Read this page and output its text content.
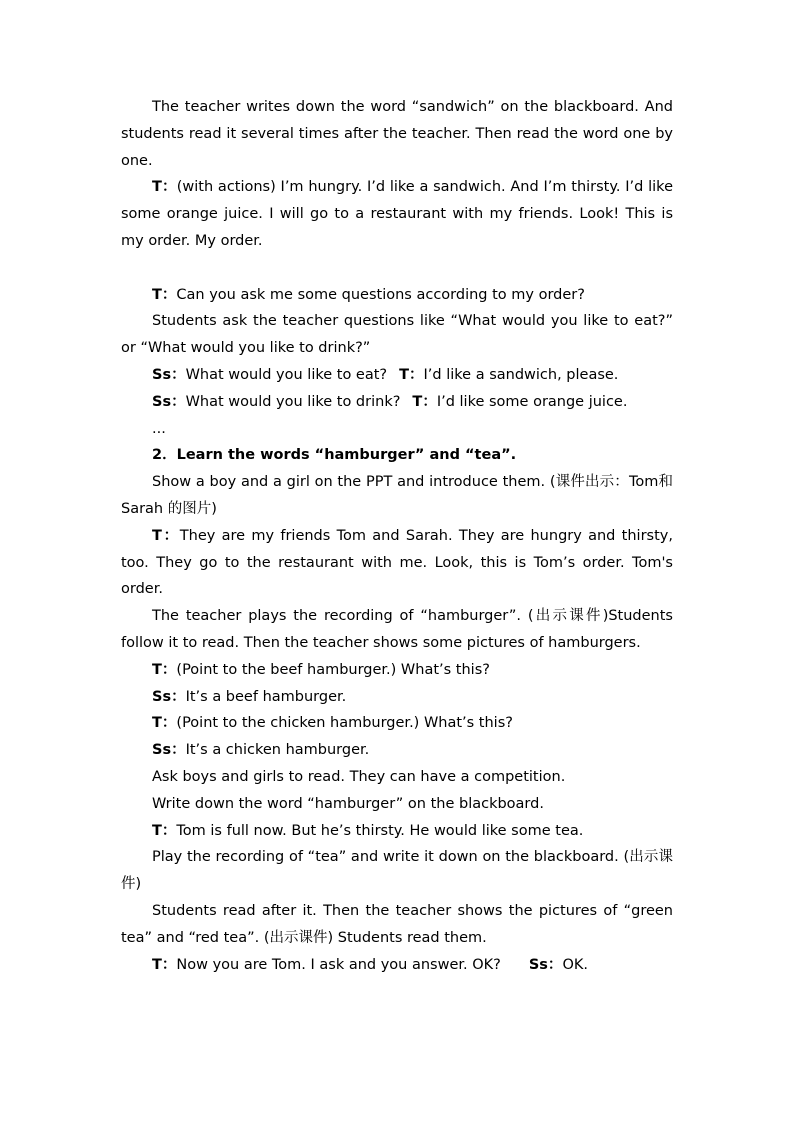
The teacher writes down the word “sandwich” on the blackboard. And students read it several times after the teacher. Then read the word one by one.

T：(with actions) I’m hungry. I’d like a sandwich. And I’m thirsty. I’d like some orange juice. I will go to a restaurant with my friends. Look! This is my order. My order.

T：Can you ask me some questions according to my order?

Students ask the teacher questions like “What would you like to eat?” or “What would you like to drink?”

Ss：What would you like to eat? T：I’d like a sandwich, please.

Ss：What would you like to drink? T：I’d like some orange juice.

...

2．Learn the words “hamburger” and “tea”.

Show a boy and a girl on the PPT and introduce them. (课件出示：Tom和 Sarah 的图片)

T：They are my friends Tom and Sarah. They are hungry and thirsty, too. They go to the restaurant with me. Look, this is Tom’s order. Tom's order.

The teacher plays the recording of “hamburger”. (出示课件)Students follow it to read. Then the teacher shows some pictures of hamburgers.

T：(Point to the beef hamburger.) What’s this?

Ss：It’s a beef hamburger.

T：(Point to the chicken hamburger.) What’s this?

Ss：It’s a chicken hamburger.

Ask boys and girls to read. They can have a competition.

Write down the word “hamburger” on the blackboard.

T：Tom is full now. But he’s thirsty. He would like some tea.

Play the recording of “tea” and write it down on the blackboard. (出示课件)

Students read after it. Then the teacher shows the pictures of “green tea” and “red tea”. (出示课件) Students read them.

T：Now you are Tom. I ask and you answer. OK? Ss：OK.
